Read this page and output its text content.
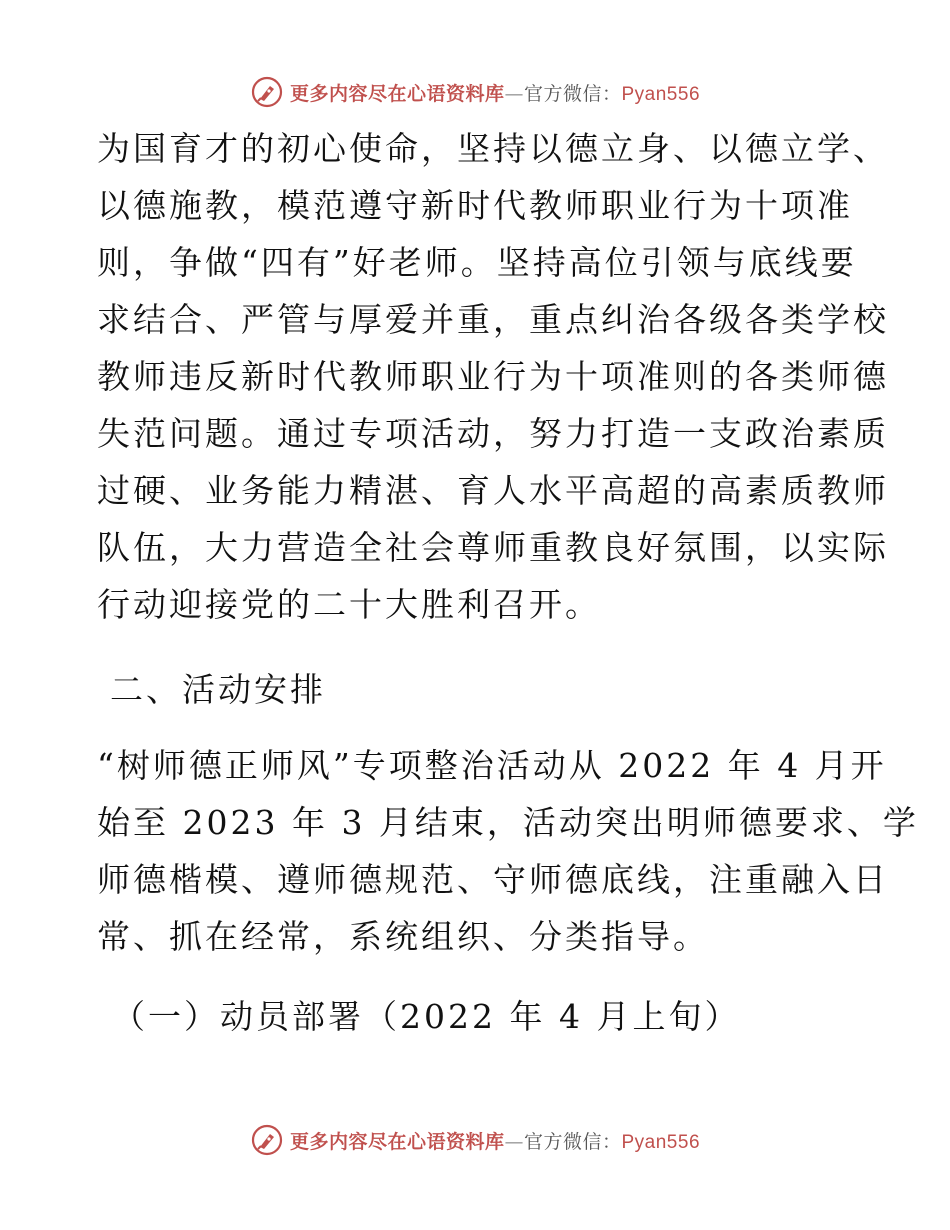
更多内容尽在心语资料库—官方微信：Pyan556
为国育才的初心使命，坚持以德立身、以德立学、
以德施教，模范遵守新时代教师职业行为十项准
则，争做“四有”好老师。坚持高位引领与底线要
求结合、严管与厚爱并重，重点纠治各级各类学校
教师违反新时代教师职业行为十项准则的各类师德
失范问题。通过专项活动，努力打造一支政治素质
过硬、业务能力精湛、育人水平高超的高素质教师
队伍，大力营造全社会尊师重教良好氛围，以实际
行动迎接党的二十大胜利召开。
二、活动安排
“树师德正师风”专项整治活动从 2022 年 4 月开
始至 2023 年 3 月结束，活动突出明师德要求、学
师德楷模、遵师德规范、守师德底线，注重融入日
常、抓在经常，系统组织、分类指导。
（一）动员部署（2022 年 4 月上旬）
更多内容尽在心语资料库—官方微信：Pyan556
